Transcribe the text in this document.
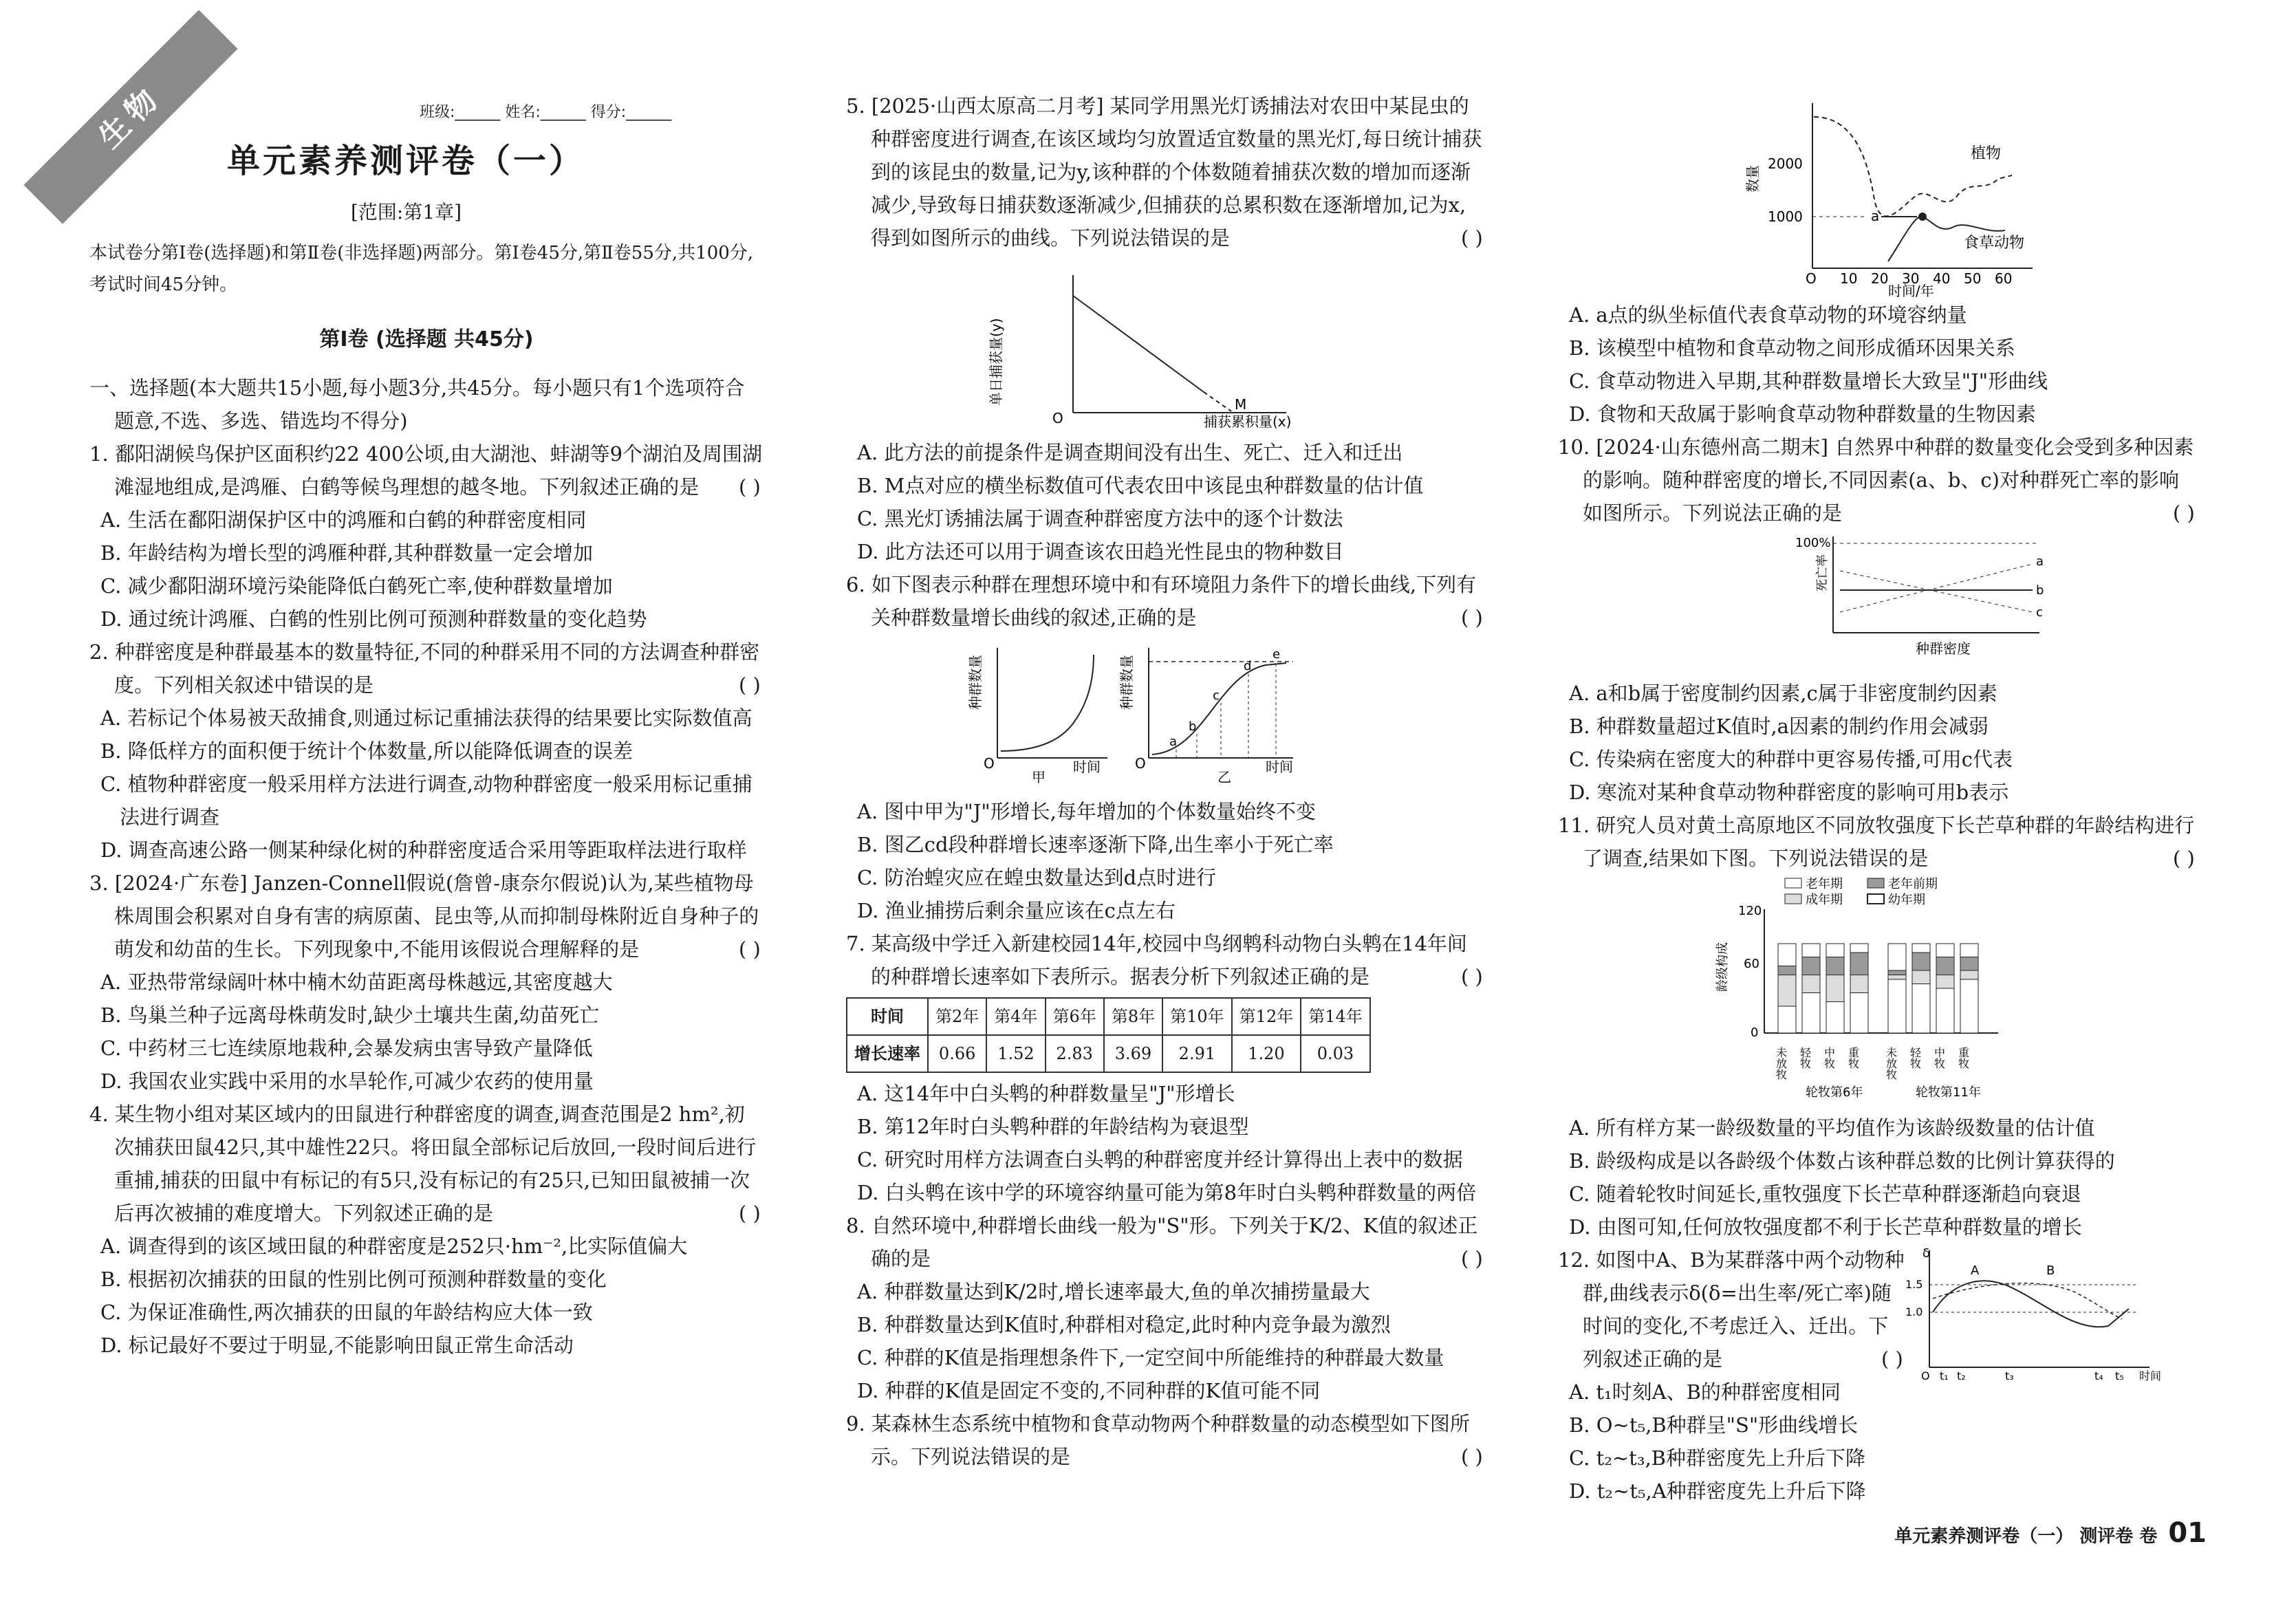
生物	班级:______ 姓名:______ 得分:______
单元素养测评卷（一）
[范围:第1章]
本试卷分第Ⅰ卷(选择题)和第Ⅱ卷(非选择题)两部分。第Ⅰ卷45分,第Ⅱ卷55分,共100分,考试时间45分钟。
第Ⅰ卷 (选择题 共45分)

一、选择题(本大题共15小题,每小题3分,共45分。每小题只有1个选项符合题意,不选、多选、错选均不得分)

1. 鄱阳湖候鸟保护区面积约22 400公顷,由大湖池、蚌湖等9个湖泊及周围湖滩湿地组成,是鸿雁、白鹤等候鸟理想的越冬地。下列叙述正确的是 ( )

A. 生活在鄱阳湖保护区中的鸿雁和白鹤的种群密度相同

B. 年龄结构为增长型的鸿雁种群,其种群数量一定会增加

C. 减少鄱阳湖环境污染能降低白鹤死亡率,使种群数量增加

D. 通过统计鸿雁、白鹤的性别比例可预测种群数量的变化趋势

2. 种群密度是种群最基本的数量特征,不同的种群采用不同的方法调查种群密度。下列相关叙述中错误的是	( )

A. 若标记个体易被天敌捕食,则通过标记重捕法获得的结果要比实际数值高

B. 降低样方的面积便于统计个体数量,所以能降低调查的误差

C. 植物种群密度一般采用样方法进行调查,动物种群密度一般采用标记重捕法进行调查

D. 调查高速公路一侧某种绿化树的种群密度适合采用等距取样法进行取样

3. [2024·广东卷] Janzen-Connell假说(詹曾-康奈尔假说)认为,某些植物母株周围会积累对自身有害的病原菌、昆虫等,从而抑制母株附近自身种子的萌发和幼苗的生长。下列现象中,不能用该假说合理解释的是	( )

A. 亚热带常绿阔叶林中楠木幼苗距离母株越远,其密度越大

B. 鸟巢兰种子远离母株萌发时,缺少土壤共生菌,幼苗死亡

C. 中药材三七连续原地栽种,会暴发病虫害导致产量降低

D. 我国农业实践中采用的水旱轮作,可减少农药的使用量

4. 某生物小组对某区域内的田鼠进行种群密度的调查,调查范围是2 hm²,初次捕获田鼠42只,其中雄性22只。将田鼠全部标记后放回,一段时间后进行重捕,捕获的田鼠中有标记的有5只,没有标记的有25只,已知田鼠被捕一次后再次被捕的难度增大。下列叙述正确的是	( )

A. 调查得到的该区域田鼠的种群密度是252只·hm⁻²,比实际值偏大

B. 根据初次捕获的田鼠的性别比例可预测种群数量的变化

C. 为保证准确性,两次捕获的田鼠的年龄结构应大体一致

D. 标记最好不要过于明显,不能影响田鼠正常生命活动

5. [2025·山西太原高二月考] 某同学用黑光灯诱捕法对农田中某昆虫的种群密度进行调查,在该区域均匀放置适宜数量的黑光灯,每日统计捕获到的该昆虫的数量,记为y,该种群的个体数随着捕获次数的增加而逐渐减少,导致每日捕获数逐渐减少,但捕获的总累积数在逐渐增加,记为x,得到如图所示的曲线。下列说法错误的是	( )

O
M
捕获累积量(x)
单日捕获量(y)

A. 此方法的前提条件是调查期间没有出生、死亡、迁入和迁出

B. M点对应的横坐标数值可代表农田中该昆虫种群数量的估计值

C. 黑光灯诱捕法属于调查种群密度方法中的逐个计数法

D. 此方法还可以用于调查该农田趋光性昆虫的物种数目

6. 如下图表示种群在理想环境中和有环境阻力条件下的增长曲线,下列有关种群数量增长曲线的叙述,正确的是	( )

O	时间
甲
种群数量
a
b
c
d
e
O	时间
乙
种群数量

A. 图中甲为"J"形增长,每年增加的个体数量始终不变

B. 图乙cd段种群增长速率逐渐下降,出生率小于死亡率

C. 防治蝗灾应在蝗虫数量达到d点时进行

D. 渔业捕捞后剩余量应该在c点左右

7. 某高级中学迁入新建校园14年,校园中鸟纲鹎科动物白头鹎在14年间的种群增长速率如下表所示。据表分析下列叙述正确的是	( )

时间	第2年	第4年	第6年	第8年	第10年	第12年	第14年
增长速率	0.66	1.52	2.83	3.69	2.91	1.20	0.03

A. 这14年中白头鹎的种群数量呈"J"形增长

B. 第12年时白头鹎种群的年龄结构为衰退型

C. 研究时用样方法调查白头鹎的种群密度并经计算得出上表中的数据

D. 白头鹎在该中学的环境容纳量可能为第8年时白头鹎种群数量的两倍

8. 自然环境中,种群增长曲线一般为"S"形。下列关于K/2、K值的叙述正确的是	( )

A. 种群数量达到K/2时,增长速率最大,鱼的单次捕捞量最大

B. 种群数量达到K值时,种群相对稳定,此时种内竞争最为激烈

C. 种群的K值是指理想条件下,一定空间中所能维持的种群最大数量

D. 种群的K值是固定不变的,不同种群的K值可能不同

9. 某森林生态系统中植物和食草动物两个种群数量的动态模型如下图所示。下列说法错误的是	( )

a
2000
1000
数量
O 10 20 30 40 50 60
时间/年
植物
食草动物

A. a点的纵坐标值代表食草动物的环境容纳量

B. 该模型中植物和食草动物之间形成循环因果关系

C. 食草动物进入早期,其种群数量增长大致呈"J"形曲线

D. 食物和天敌属于影响食草动物种群数量的生物因素

10. [2024·山东德州高二期末] 自然界中种群的数量变化会受到多种因素的影响。随种群密度的增长,不同因素(a、b、c)对种群死亡率的影响如图所示。下列说法正确的是	( )

a
b
c
100%
死亡率
种群密度

A. a和b属于密度制约因素,c属于非密度制约因素

B. 种群数量超过K值时,a因素的制约作用会减弱

C. 传染病在密度大的种群中更容易传播,可用c代表

D. 寒流对某种食草动物种群密度的影响可用b表示

11. 研究人员对黄土高原地区不同放牧强度下长芒草种群的年龄结构进行了调查,结果如下图。下列说法错误的是	( )

老年期	老年前期
成年期	幼年期
120
60
0
龄级构成
未放牧 轻牧 中牧 重牧 未放牧 轻牧 中牧 重牧
轮牧第6年	轮牧第11年

A. 所有样方某一龄级数量的平均值作为该龄级数量的估计值

B. 龄级构成是以各龄级个体数占该种群总数的比例计算获得的

C. 随着轮牧时间延长,重牧强度下长芒草种群逐渐趋向衰退

D. 由图可知,任何放牧强度都不利于长芒草种群数量的增长

12. 如图中A、B为某群落中两个动物种群,曲线表示δ(δ=出生率/死亡率)随时间的变化,不考虑迁入、迁出。下列叙述正确的是	( )

δ
1.5
1.0
A	B
O t₁ t₂	t₃	t₄ t₅ 时间

A. t₁时刻A、B的种群密度相同

B. O~t₅,B种群呈"S"形曲线增长

C. t₂~t₃,B种群密度先上升后下降

D. t₂~t₅,A种群密度先上升后下降

单元素养测评卷（一） 测评卷 卷 01
